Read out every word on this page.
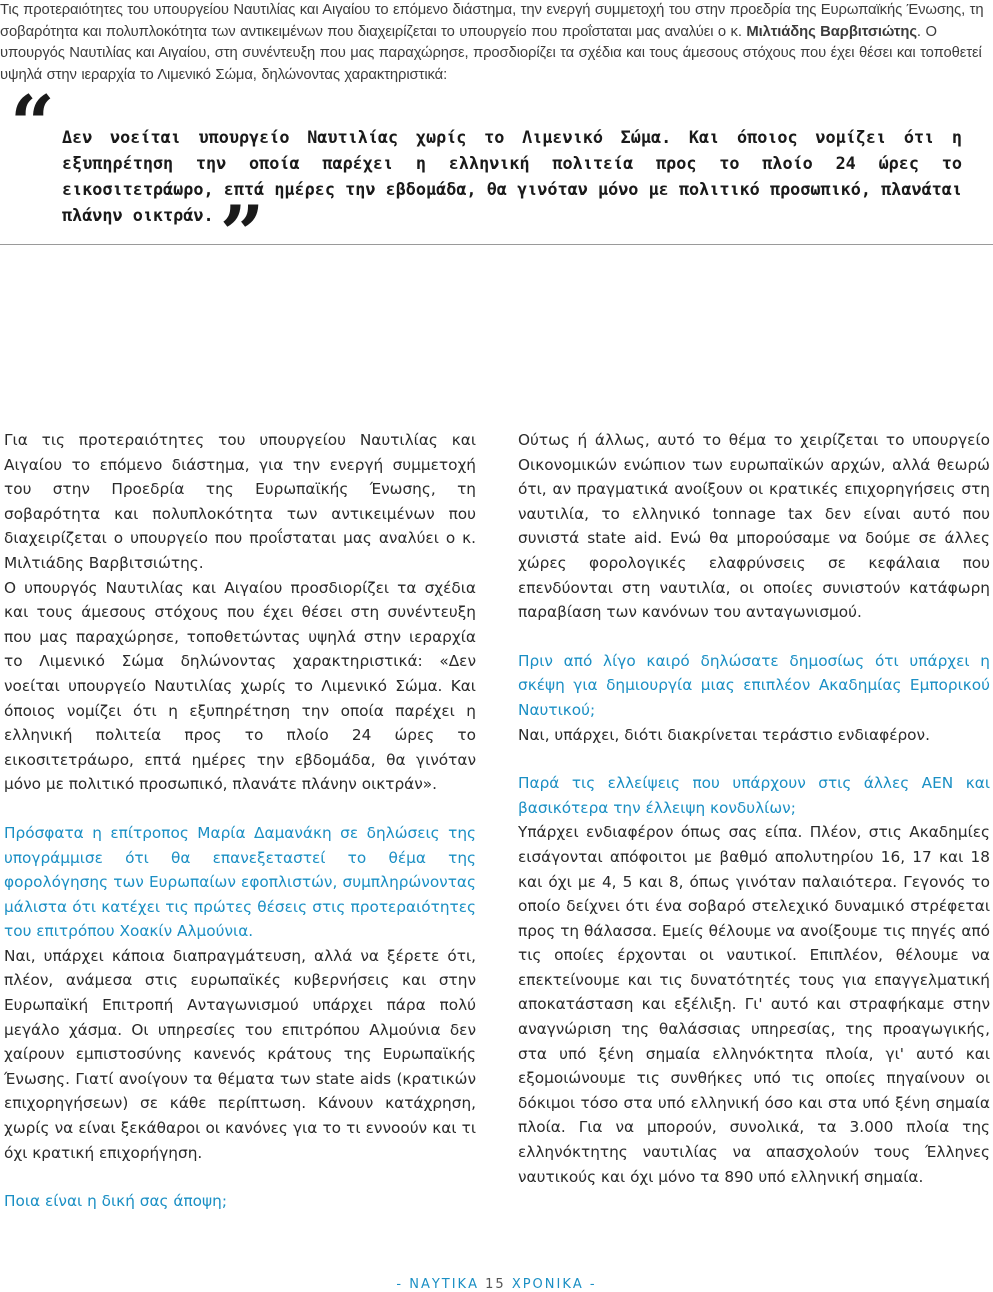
Τις προτεραιότητες του υπουργείου Ναυτιλίας και Αιγαίου το επόμενο διάστημα, την ενεργή συμμετοχή του στην προεδρία της Ευρωπαϊκής Ένωσης, τη σοβαρότητα και πολυπλοκότητα των αντικειμένων που διαχειρίζεται το υπουργείο που προΐσταται μας αναλύει ο κ. Μιλτιάδης Βαρβιτσιώτης. Ο υπουργός Ναυτιλίας και Αιγαίου, στη συνέντευξη που μας παραχώρησε, προσδιορίζει τα σχέδια και τους άμεσους στόχους που έχει θέσει και τοποθετεί υψηλά στην ιεραρχία το Λιμενικό Σώμα, δηλώνοντας χαρακτηριστικά:
“ Δεν νοείται υπουργείο Ναυτιλίας χωρίς το Λιμενικό Σώμα. Και όποιος νομίζει ότι η εξυπηρέτηση την οποία παρέχει η ελληνική πολιτεία προς το πλοίο 24 ώρες το εικοσιτετράωρο, επτά ημέρες την εβδομάδα, θα γινόταν μόνο με πολιτικό προσωπικό, πλανάται πλάνην οικτράν.”

Για τις προτεραιότητες του υπουργείου Ναυτιλίας και Αιγαίου το επόμενο διάστημα, για την ενεργή συμμετοχή του στην Προεδρία της Ευρωπαϊκής Ένωσης, τη σοβαρότητα και πολυπλοκότητα των αντικειμένων που διαχειρίζεται ο υπουργείο που προΐσταται μας αναλύει ο κ. Μιλτιάδης Βαρβιτσιώτης.

Ο υπουργός Ναυτιλίας και Αιγαίου προσδιορίζει τα σχέδια και τους άμεσους στόχους που έχει θέσει στη συνέντευξη που μας παραχώρησε, τοποθετώντας υψηλά στην ιεραρχία το Λιμενικό Σώμα δηλώνοντας χαρακτηριστικά: «Δεν νοείται υπουργείο Ναυτιλίας χωρίς το Λιμενικό Σώμα. Και όποιος νομίζει ότι η εξυπηρέτηση την οποία παρέχει η ελληνική πολιτεία προς το πλοίο 24 ώρες το εικοσιτετράωρο, επτά ημέρες την εβδομάδα, θα γινόταν μόνο με πολιτικό προσωπικό, πλανάτε πλάνην οικτράν».

Πρόσφατα η επίτροπος Μαρία Δαμανάκη σε δηλώσεις της υπογράμμισε ότι θα επανεξεταστεί το θέμα της φορολόγησης των Ευρωπαίων εφοπλιστών, συμπληρώνοντας μάλιστα ότι κατέχει τις πρώτες θέσεις στις προτεραιότητες του επιτρόπου Χοακίν Αλμούνια.

Ναι, υπάρχει κάποια διαπραγμάτευση, αλλά να ξέρετε ότι, πλέον, ανάμεσα στις ευρωπαϊκές κυβερνήσεις και στην Ευρωπαϊκή Επιτροπή Ανταγωνισμού υπάρχει πάρα πολύ μεγάλο χάσμα. Οι υπηρεσίες του επιτρόπου Αλμούνια δεν χαίρουν εμπιστοσύνης κανενός κράτους της Ευρωπαϊκής Ένωσης. Γιατί ανοίγουν τα θέματα των state aids (κρατικών επιχορηγήσεων) σε κάθε περίπτωση. Κάνουν κατάχρηση, χωρίς να είναι ξεκάθαροι οι κανόνες για το τι εννοούν και τι όχι κρατική επιχορήγηση.

Ποια είναι η δική σας άποψη;

Ούτως ή άλλως, αυτό το θέμα το χειρίζεται το υπουργείο Οικονομικών ενώπιον των ευρωπαϊκών αρχών, αλλά θεωρώ ότι, αν πραγματικά ανοίξουν οι κρατικές επιχορηγήσεις στη ναυτιλία, το ελληνικό tonnage tax δεν είναι αυτό που συνιστά state aid. Ενώ θα μπορούσαμε να δούμε σε άλλες χώρες φορολογικές ελαφρύνσεις σε κεφάλαια που επενδύονται στη ναυτιλία, οι οποίες συνιστούν κατάφωρη παραβίαση των κανόνων του ανταγωνισμού.

Πριν από λίγο καιρό δηλώσατε δημοσίως ότι υπάρχει η σκέψη για δημιουργία μιας επιπλέον Ακαδημίας Εμπορικού Ναυτικού;

Ναι, υπάρχει, διότι διακρίνεται τεράστιο ενδιαφέρον.

Παρά τις ελλείψεις που υπάρχουν στις άλλες ΑΕΝ και βασικότερα την έλλειψη κονδυλίων;

Υπάρχει ενδιαφέρον όπως σας είπα. Πλέον, στις Ακαδημίες εισάγονται απόφοιτοι με βαθμό απολυτηρίου 16, 17 και 18 και όχι με 4, 5 και 8, όπως γινόταν παλαιότερα. Γεγονός το οποίο δείχνει ότι ένα σοβαρό στελεχικό δυναμικό στρέφεται προς τη θάλασσα. Εμείς θέλουμε να ανοίξουμε τις πηγές από τις οποίες έρχονται οι ναυτικοί. Επιπλέον, θέλουμε να επεκτείνουμε και τις δυνατότητές τους για επαγγελματική αποκατάσταση και εξέλιξη. Γι' αυτό και στραφήκαμε στην αναγνώριση της θαλάσσιας υπηρεσίας, της προαγωγικής, στα υπό ξένη σημαία ελληνόκτητα πλοία, γι' αυτό και εξομοιώνουμε τις συνθήκες υπό τις οποίες πηγαίνουν οι δόκιμοι τόσο στα υπό ελληνική όσο και στα υπό ξένη σημαία πλοία. Για να μπορούν, συνολικά, τα 3.000 πλοία της ελληνόκτητης ναυτιλίας να απασχολούν τους Έλληνες ναυτικούς και όχι μόνο τα 890 υπό ελληνική σημαία.

- ΝΑΥΤΙΚΑ 15 ΧΡΟΝΙΚΑ -
